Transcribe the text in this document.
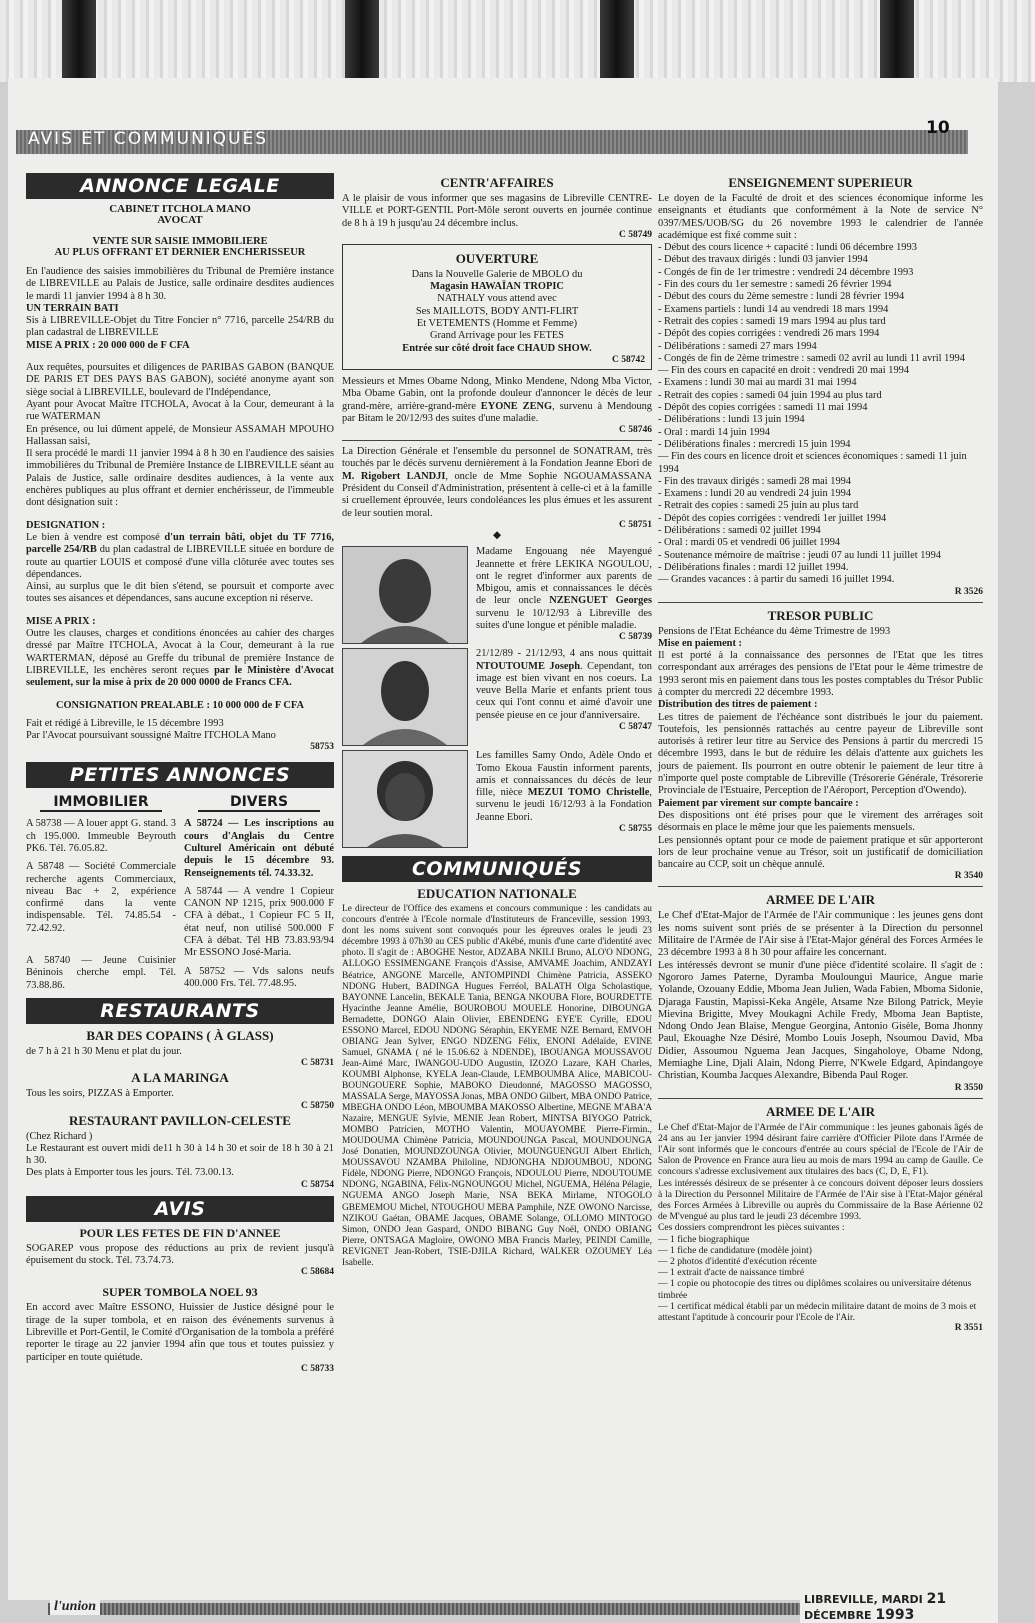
AVIS ET COMMUNIQUÉS
10
ANNONCE LEGALE

CABINET ITCHOLA MANO

AVOCAT

VENTE SUR SAISIE IMMOBILIERE
AU PLUS OFFRANT ET DERNIER ENCHERISSEUR

En l'audience des saisies immobilières du Tribunal de Première instance de LIBREVILLE au Palais de Justice, salle ordinaire desdites audiences le mardi 11 janvier 1994 à 8 h 30.

UN TERRAIN BATI

Sis à LIBREVILLE-Objet du Titre Foncier n° 7716, parcelle 254/RB du plan cadastral de LIBREVILLE

MISE A PRIX : 20 000 000 de F CFA

Aux requêtes, poursuites et diligences de PARIBAS GABON (BANQUE DE PARIS ET DES PAYS BAS GABON), société anonyme ayant son siège social à LIBREVILLE, boulevard de l'Indépendance,

Ayant pour Avocat Maître ITCHOLA, Avocat à la Cour, demeurant à la rue WATERMAN

En présence, ou lui dûment appelé, de Monsieur ASSAMAH MPOUHO Hallassan saisi,

Il sera procédé le mardi 11 janvier 1994 à 8 h 30 en l'audience des saisies immobilières du Tribunal de Première Instance de LIBREVILLE séant au Palais de Justice, salle ordinaire desdites audiences, à la vente aux enchères publiques au plus offrant et dernier enchérisseur, de l'immeuble dont désignation suit :

DESIGNATION :

Le bien à vendre est composé d'un terrain bâti, objet du TF 7716, parcelle 254/RB du plan cadastral de LIBREVILLE située en bordure de route au quartier LOUIS et composé d'une villa clôturée avec toutes ses dépendances.

Ainsi, au surplus que le dit bien s'étend, se poursuit et comporte avec toutes ses aisances et dépendances, sans aucune exception ni réserve.

MISE A PRIX :

Outre les clauses, charges et conditions énoncées au cahier des charges dressé par Maître ITCHOLA, Avocat à la Cour, demeurant à la rue WARTERMAN, déposé au Greffe du tribunal de première Instance de LIBREVILLE, les enchères seront reçues par le Ministère d'Avocat seulement, sur la mise à prix de 20 000 0000 de Francs CFA.

CONSIGNATION PREALABLE : 10 000 000 de F CFA

Fait et rédigé à Libreville, le 15 décembre 1993

Par l'Avocat poursuivant soussigné Maître ITCHOLA Mano

58753

PETITES ANNONCES
IMMOBILIER

A 58738 — A louer appt G. stand. 3 ch 195.000. Immeuble Beyrouth PK6. Tél. 76.05.82.

A 58748 — Société Commerciale recherche agents Commerciaux, niveau Bac + 2, expérience confirmé dans la vente indispensable. Tél. 74.85.54 - 72.42.92.

A 58740 — Jeune Cuisinier Béninois cherche empl. Tél. 73.88.86.

DIVERS

A 58724 — Les inscriptions au cours d'Anglais du Centre Culturel Américain ont débuté depuis le 15 décembre 93. Renseignements tél. 74.33.32.

A 58744 — A vendre 1 Copieur CANON NP 1215, prix 900.000 F CFA à débat., 1 Copieur FC 5 II, état neuf, non utilisé 500.000 F CFA à débat. Tél HB 73.83.93/94 Mr ESSONO José-Maria.

A 58752 — Vds salons neufs 400.000 Frs. Tél. 77.48.95.

RESTAURANTS

BAR DES COPAINS ( À GLASS)

de 7 h à 21 h 30 Menu et plat du jour.

C 58731

A LA MARINGA

Tous les soirs, PIZZAS à Emporter.

C 58750

RESTAURANT PAVILLON-CELESTE

(Chez Richard )
Le Restaurant est ouvert midi de11 h 30 à 14 h 30 et soir de 18 h 30 à 21 h 30.
Des plats à Emporter tous les jours. Tél. 73.00.13.

C 58754

AVIS

POUR LES FETES DE FIN D'ANNEE

SOGAREP vous propose des réductions au prix de revient jusqu'à épuisement du stock. Tél. 73.74.73.

C 58684

SUPER TOMBOLA NOEL 93

En accord avec Maître ESSONO, Huissier de Justice désigné pour le tirage de la super tombola, et en raison des événements survenus à Libreville et Port-Gentil, le Comité d'Organisation de la tombola a préféré reporter le tirage au 22 janvier 1994 afin que tous et toutes puissiez y participer en toute quiétude.

C 58733

CENTR'AFFAIRES

A le plaisir de vous informer que ses magasins de Libreville CENTRE-VILLE et PORT-GENTIL Port-Môle seront ouverts en journée continue de 8 h à 19 h jusqu'au 24 décembre inclus.

C 58749

OUVERTURE

Dans la Nouvelle Galerie de MBOLO du

Magasin HAWAÏAN TROPIC

NATHALY vous attend avec

Ses MAILLOTS, BODY ANTI-FLIRT

Et VETEMENTS (Homme et Femme)

Grand Arrivage pour les FETES

Entrée sur côté droit face CHAUD SHOW.

C 58742

Messieurs et Mmes Obame Ndong, Minko Mendene, Ndong Mba Victor, Mba Obame Gabin, ont la profonde douleur d'annoncer le décès de leur grand-mère, arrière-grand-mère EYONE ZENG, survenu à Mendoung par Bitam le 20/12/93 des suites d'une maladie.

C 58746

La Direction Générale et l'ensemble du personnel de SONATRAM, très touchés par le décès survenu dernièrement à la Fondation Jeanne Ebori de M. Rigobert LANDJI, oncle de Mme Sophie NGOUAMASSANA Président du Conseil d'Administration, présentent à celle-ci et à la famille si cruellement éprouvée, leurs condoléances les plus émues et les assurent de leur soutien moral.

C 58751

◆

Madame Engouang née Mayengué Jeannette et frère LEKIKA NGOULOU, ont le regret d'informer aux parents de Mbigou, amis et connaissances le décès de leur oncle NZENGUET Georges survenu le 10/12/93 à Libreville des suites d'une longue et pénible maladie.

C 58739

21/12/89 - 21/12/93, 4 ans nous quittait NTOUTOUME Joseph. Cependant, ton image est bien vivant en nos coeurs. La veuve Bella Marie et enfants prient tous ceux qui l'ont connu et aimé d'avoir une pensée pieuse en ce jour d'anniversaire.

C 58747

Les familles Samy Ondo, Adèle Ondo et Tomo Ekoua Faustin informent parents, amis et connaissances du décès de leur fille, nièce MEZUI TOMO Christelle, survenu le jeudi 16/12/93 à la Fondation Jeanne Ebori.

C 58755

COMMUNIQUÉS

EDUCATION NATIONALE

Le directeur de l'Office des examens et concours communique : les candidats au concours d'entrée à l'Ecole normale d'Instituteurs de Franceville, session 1993, dont les noms suivent sont convoqués pour les épreuves orales le jeudi 23 décembre 1993 à 07h30 au CES public d'Akébé, munis d'une carte d'identité avec photo. Il s'agit de : ABOGHE Nestor, ADZABA NKILI Bruno, ALO'O NDONG, ALLOGO ESSIMENGANE François d'Assise, AMVAME Joachim, ANDZAYI Béatrice, ANGONE Marcelle, ANTOMPINDI Chimène Patricia, ASSEKO NDONG Hubert, BADINGA Hugues Ferréol, BALATH Olga Scholastique, BAYONNE Lancelin, BEKALE Tania, BENGA NKOUBA Flore, BOURDETTE Hyacinthe Jeanne Amélie, BOUROBOU MOUELE Honorine, DIBOUNGA Bernadette, DONGO Alain Olivier, EBENDENG EYE'E Cyrille, EDOU ESSONO Marcel, EDOU NDONG Séraphin, EKYEME NZE Bernard, EMVOH OBIANG Jean Sylver, ENGO NDZENG Félix, ENONI Adélaïde, EVINE Samuel, GNAMA ( né le 15.06.62 à NDENDE), IBOUANGA MOUSSAVOU Jean-Aimé Marc, IWANGOU-UDO Augustin, IZOZO Lazare, KAH Charles, KOUMBI Alphonse, KYELA Jean-Claude, LEMBOUMBA Alice, MABICOU-BOUNGOUERE Sophie, MABOKO Dieudonné, MAGOSSO MAGOSSO, MASSALA Serge, MAYOSSA Jonas, MBA ONDO Gilbert, MBA ONDO Patrice, MBEGHA ONDO Léon, MBOUMBA MAKOSSO Albertine, MEGNE M'ABA'A Nazaire, MENGUE Sylvie, MENIE Jean Robert, MINTSA BIYOGO Patrick, MOMBO Patricien, MOTHO Valentin, MOUAYOMBE Pierre-Firmin., MOUDOUMA Chimène Patricia, MOUNDOUNGA Pascal, MOUNDOUNGA José Donatien, MOUNDZOUNGA Olivier, MOUNGUENGUI Albert Ehrlich, MOUSSAVOU NZAMBA Philoline, NDJONGHA NDJOUMBOU, NDONG Fidèle, NDONG Pierre, NDONGO François, NDOULOU Pierre, NDOUTOUME NDONG, NGABINA, Félix-NGNOUNGOU Michel, NGUEMA, Héléna Pélagie, NGUEMA ANGO Joseph Marie, NSA BEKA Mirlame, NTOGOLO GBEMEMOU Michel, NTOUGHOU MEBA Pamphile, NZE OWONO Narcisse, NZIKOU Gaétan, OBAME Jacques, OBAME Solange, OLLOMO MINTOGO Simon, ONDO Jean Gaspard, ONDO BIBANG Guy Noël, ONDO OBIANG Pierre, ONTSAGA Magloire, OWONO MBA Francis Marley, PEINDI Camille, REVIGNET Jean-Robert, TSIE-DJILA Richard, WALKER OZOUMEY Léa Isabelle.

ENSEIGNEMENT SUPERIEUR

Le doyen de la Faculté de droit et des sciences économique informe les enseignants et étudiants que conformément à la Note de service N° 0397/MES/UOB/SG du 26 novembre 1993 le calendrier de l'année académique est fixé comme suit :

- Début des cours licence + capacité : lundi 06 décembre 1993

- Début des travaux dirigés : lundi 03 janvier 1994

- Congés de fin de 1er trimestre : vendredi 24 décembre 1993

- Fin des cours du 1er semestre : samedi 26 février 1994

- Début des cours du 2ème semestre : lundi 28 février 1994

- Examens partiels : lundi 14 au vendredi 18 mars 1994

- Retrait des copies : samedi 19 mars 1994 au plus tard

- Dépôt des copies corrigées : vendredi 26 mars 1994

- Délibérations : samedi 27 mars 1994

- Congés de fin de 2ème trimestre : samedi 02 avril au lundi 11 avril 1994

— Fin des cours en capacité en droit : vendredi 20 mai 1994

- Examens : lundi 30 mai au mardi 31 mai 1994

- Retrait des copies : samedi 04 juin 1994 au plus tard

- Dépôt des copies corrigées : samedi 11 mai 1994

- Délibérations : lundi 13 juin 1994

- Oral : mardi 14 juin 1994

- Délibérations finales : mercredi 15 juin 1994

— Fin des cours en licence droit et sciences économiques : samedi 11 juin 1994

- Fin des travaux dirigés : samedi 28 mai 1994

- Examens : lundi 20 au vendredi 24 juin 1994

- Retrait des copies : samedi 25 juin au plus tard

- Dépôt des copies corrigées : vendredi 1er juillet 1994

- Délibérations : samedi 02 juillet 1994

- Oral : mardi 05 et vendredi 06 juillet 1994

- Soutenance mémoire de maîtrise : jeudi 07 au lundi 11 juillet 1994

- Délibérations finales : mardi 12 juillet 1994.

— Grandes vacances : à partir du samedi 16 juillet 1994.

R 3526

TRESOR PUBLIC

Pensions de l'Etat Echéance du 4ème Trimestre de 1993

Mise en paiement :

Il est porté à la connaissance des personnes de l'Etat que les titres correspondant aux arrérages des pensions de l'Etat pour le 4ème trimestre de 1993 seront mis en paiement dans tous les postes comptables du Trésor Public à compter du mercredi 22 décembre 1993.

Distribution des titres de paiement :

Les titres de paiement de l'échéance sont distribués le jour du paiement. Toutefois, les pensionnés rattachés au centre payeur de Libreville sont autorisés à retirer leur titre au Service des Pensions à partir du mercredi 15 décembre 1993, dans le but de réduire les délais d'attente aux guichets les jours de paiement. Ils pourront en outre obtenir le paiement de leur titre à n'importe quel poste comptable de Libreville (Trésorerie Générale, Trésorerie Provinciale de l'Estuaire, Perception de l'Aéroport, Perception d'Owendo).

Paiement par virement sur compte bancaire :

Des dispositions ont été prises pour que le virement des arrérages soit désormais en place le même jour que les paiements mensuels.

Les pensionnés optant pour ce mode de paiement pratique et sûr apporteront lors de leur prochaine venue au Trésor, soit un justificatif de domiciliation bancaire au CCP, soit un chèque annulé.

R 3540

ARMEE DE L'AIR

Le Chef d'Etat-Major de l'Armée de l'Air communique : les jeunes gens dont les noms suivent sont priés de se présenter à la Direction du personnel Militaire de l'Armée de l'Air sise à l'Etat-Major général des Forces Armées le 23 décembre 1993 à 8 h 30 pour affaire les concernant.

Les intéressés devront se munir d'une pièce d'identité scolaire. Il s'agit de : Ngororo James Paterne, Dyramba Mouloungui Maurice, Angue marie Yolande, Ozouany Eddie, Mboma Jean Julien, Wada Fabien, Mboma Sidonie, Djaraga Faustin, Mapissi-Keka Angèle, Atsame Nze Bilong Patrick, Meyie Mievina Brigitte, Mvey Moukagni Achile Fredy, Mboma Jean Baptiste, Ndong Ondo Jean Blaise, Mengue Georgina, Antonio Gisèle, Boma Jhonny Paul, Ekouaghe Nze Désiré, Mombo Louis Joseph, Nsoumou David, Mba Didier, Assoumou Nguema Jean Jacques, Singaholoye, Obame Ndong, Memiaghe Line, Djali Alain, Ndong Pierre, N'Kwele Edgard, Apindangoye Christian, Koumba Jacques Alexandre, Bibenda Paul Roger.

R 3550

ARMEE DE L'AIR

Le Chef d'Etat-Major de l'Armée de l'Air communique : les jeunes gabonais âgés de 24 ans au 1er janvier 1994 désirant faire carrière d'Officier Pilote dans l'Armée de l'Air sont informés que le concours d'entrée au cours spécial de l'Ecole de l'Air de Salon de Provence en France aura lieu au mois de mars 1994 au camp de Gaulle. Ce concours s'adresse exclusivement aux titulaires des bacs (C, D, E, F1).

Les intéressés désireux de se présenter à ce concours doivent déposer leurs dossiers à la Direction du Personnel Militaire de l'Armée de l'Air sise à l'Etat-Major général des Forces Armées à Libreville ou auprès du Commissaire de la Base Aérienne 02 de M'vengué au plus tard le jeudi 23 décembre 1993.

Ces dossiers comprendront les pièces suivantes :

— 1 fiche biographique

— 1 fiche de candidature (modèle joint)

— 2 photos d'identité d'exécution récente

— 1 extrait d'acte de naissance timbré

— 1 copie ou photocopie des titres ou diplômes scolaires ou universitaire détenus timbrée

— 1 certificat médical établi par un médecin militaire datant de moins de 3 mois et attestant l'aptitude à concourir pour l'Ecole de l'Air.

R 3551

l'union	LIBREVILLE, MARDI 21 DÉCEMBRE 1993
